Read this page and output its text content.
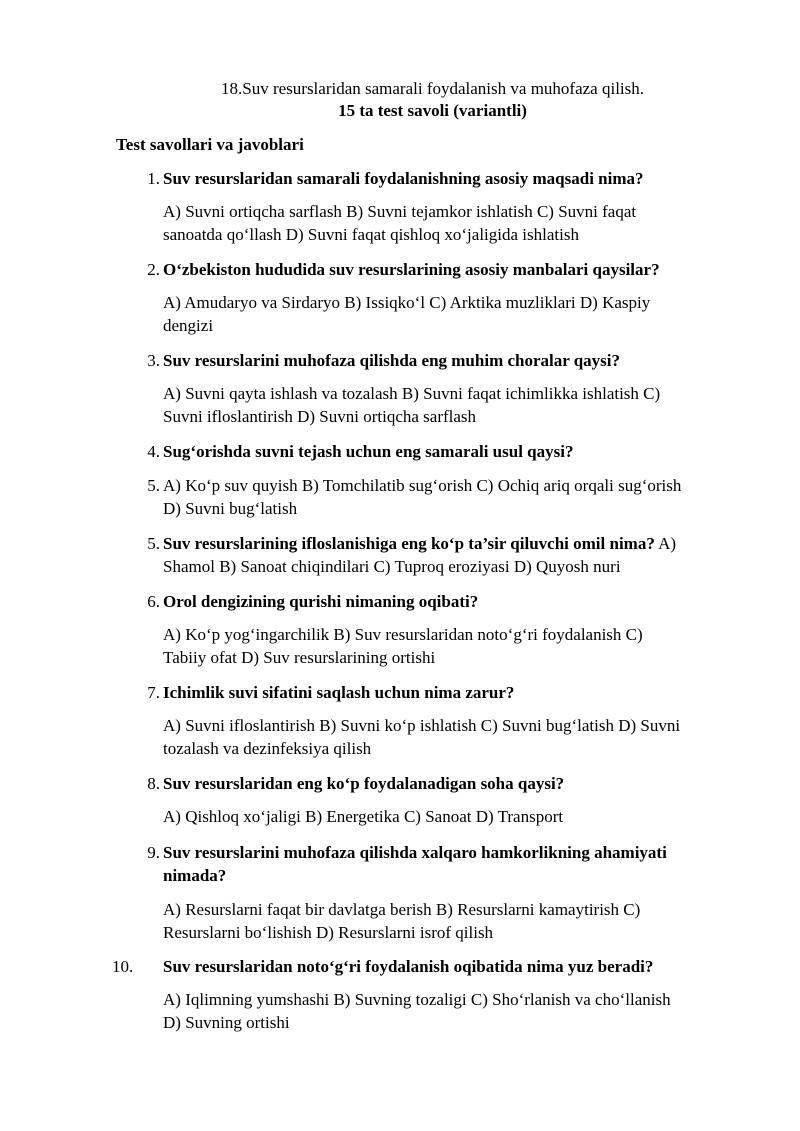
18.Suv resurslaridan samarali foydalanish va muhofaza qilish.
15 ta test savoli (variantli)
Test savollari va javoblari
1. Suv resurslaridan samarali foydalanishning asosiy maqsadi nima?
A) Suvni ortiqcha sarflash B) Suvni tejamkor ishlatish C) Suvni faqat
sanoatda qo‘llash D) Suvni faqat qishloq xo‘jaligida ishlatish
2. O‘zbekiston hududida suv resurslarining asosiy manbalari qaysilar?
A) Amudaryo va Sirdaryo B) Issiqko‘l C) Arktika muzliklari D) Kaspiy
dengizi
3. Suv resurslarini muhofaza qilishda eng muhim choralar qaysi?
A) Suvni qayta ishlash va tozalash B) Suvni faqat ichimlikka ishlatish C)
Suvni ifloslantirish D) Suvni ortiqcha sarflash
4. Sug‘orishda suvni tejash uchun eng samarali usul qaysi?
5. A) Ko‘p suv quyish B) Tomchilatib sug‘orish C) Ochiq ariq orqali sug‘orish
D) Suvni bug‘latish
5. Suv resurslarining ifloslanishiga eng ko‘p ta’sir qiluvchi omil nima? A)
Shamol B) Sanoat chiqindilari C) Tuproq eroziyasi D) Quyosh nuri
6. Orol dengizining qurishi nimaning oqibati?
A) Ko‘p yog‘ingarchilik B) Suv resurslaridan noto‘g‘ri foydalanish C)
Tabiiy ofat D) Suv resurslarining ortishi
7. Ichimlik suvi sifatini saqlash uchun nima zarur?
A) Suvni ifloslantirish B) Suvni ko‘p ishlatish C) Suvni bug‘latish D) Suvni
tozalash va dezinfeksiya qilish
8. Suv resurslaridan eng ko‘p foydalanadigan soha qaysi?
A) Qishloq xo‘jaligi B) Energetika C) Sanoat D) Transport
9. Suv resurslarini muhofaza qilishda xalqaro hamkorlikning ahamiyati
nimada?
A) Resurslarni faqat bir davlatga berish B) Resurslarni kamaytirish C)
Resurslarni bo‘lishish D) Resurslarni isrof qilish
10.	Suv resurslaridan noto‘g‘ri foydalanish oqibatida nima yuz beradi?
A) Iqlimning yumshashi B) Suvning tozaligi C) Sho‘rlanish va cho‘llanish
D) Suvning ortishi
